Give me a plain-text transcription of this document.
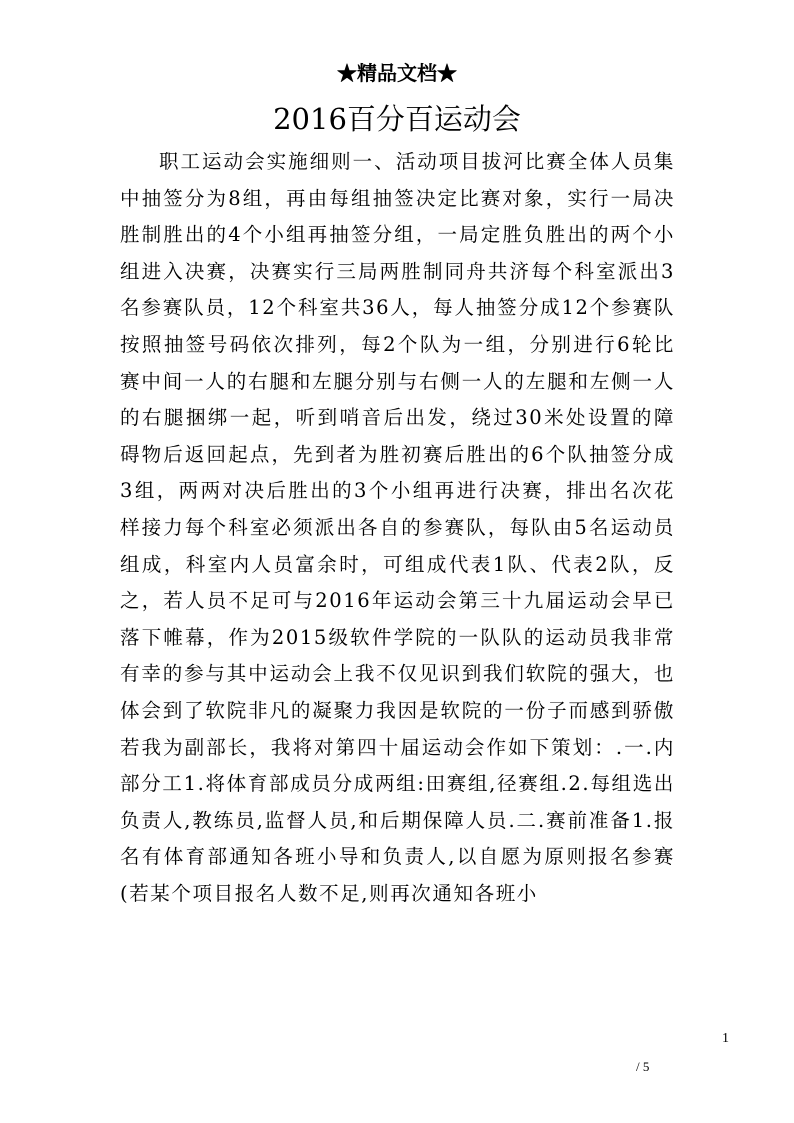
★精品文档★
2016百分百运动会

职工运动会实施细则一、活动项目拔河比赛全体人员集中抽签分为8组，再由每组抽签决定比赛对象，实行一局决胜制胜出的4个小组再抽签分组，一局定胜负胜出的两个小组进入决赛，决赛实行三局两胜制同舟共济每个科室派出3名参赛队员，12个科室共36人，每人抽签分成12个参赛队按照抽签号码依次排列，每2个队为一组，分别进行6轮比赛中间一人的右腿和左腿分别与右侧一人的左腿和左侧一人的右腿捆绑一起，听到哨音后出发，绕过30米处设置的障碍物后返回起点，先到者为胜初赛后胜出的6个队抽签分成3组，两两对决后胜出的3个小组再进行决赛，排出名次花样接力每个科室必须派出各自的参赛队，每队由5名运动员组成，科室内人员富余时，可组成代表1队、代表2队，反之，若人员不足可与2016年运动会第三十九届运动会早已落下帷幕，作为2015级软件学院的一队队的运动员我非常有幸的参与其中运动会上我不仅见识到我们软院的强大，也体会到了软院非凡的凝聚力我因是软院的一份子而感到骄傲若我为副部长，我将对第四十届运动会作如下策划：.一.内部分工1.将体育部成员分成两组:田赛组,径赛组.2.每组选出负责人,教练员,监督人员,和后期保障人员.二.赛前准备1.报名有体育部通知各班小导和负责人,以自愿为原则报名参赛(若某个项目报名人数不足,则再次通知各班小

1
/ 5
